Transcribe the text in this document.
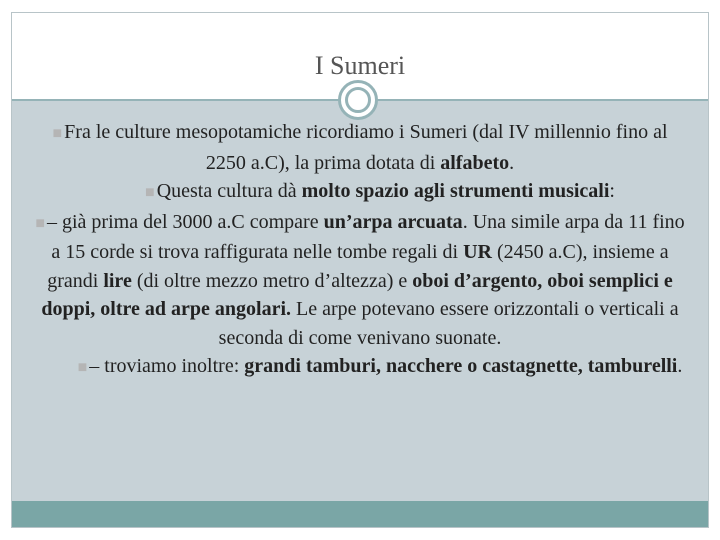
I Sumeri

■ Fra le culture mesopotamiche ricordiamo i Sumeri (dal IV millennio fino al 2250 a.C), la prima dotata di alfabeto.

■ Questa cultura dà molto spazio agli strumenti musicali:

■ – già prima del 3000 a.C compare un’arpa arcuata. Una simile arpa da 11 fino a 15 corde si trova raffigurata nelle tombe regali di UR (2450 a.C), insieme a grandi lire (di oltre mezzo metro d’altezza) e oboi d’argento, oboi semplici e doppi, oltre ad arpe angolari. Le arpe potevano essere orizzontali o verticali a seconda di come venivano suonate.

■ – troviamo inoltre: grandi tamburi, nacchere o castagnette, tamburelli.
